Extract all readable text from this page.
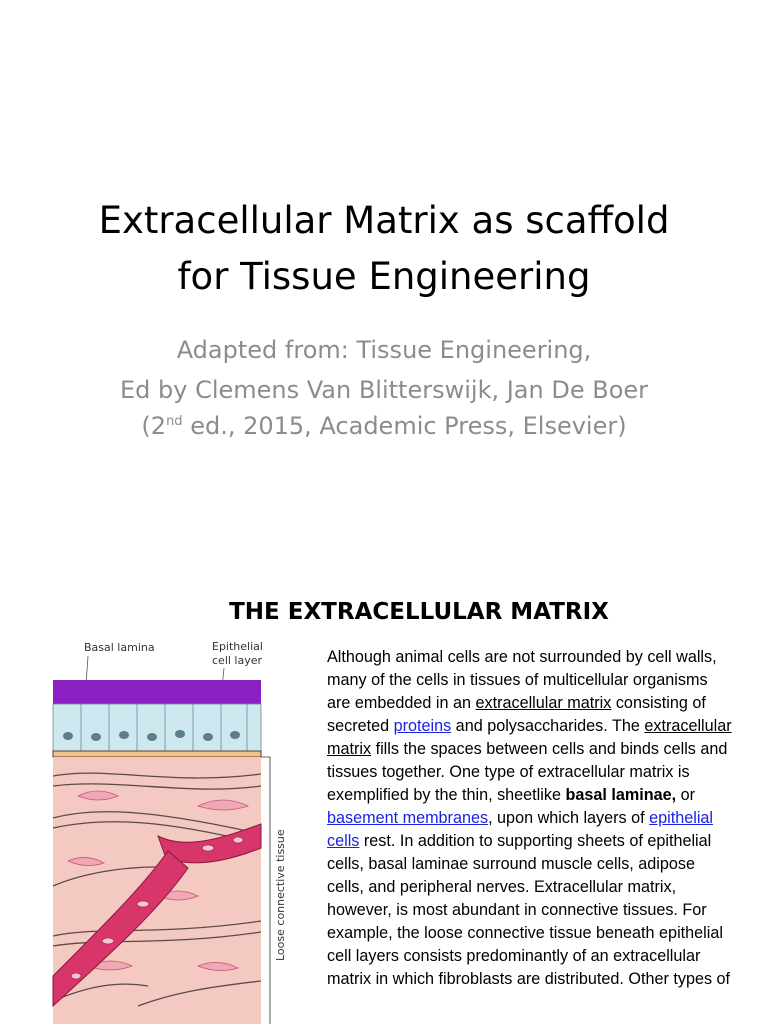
Extracellular Matrix as scaffold
for Tissue Engineering
Adapted from: Tissue Engineering,
Ed by Clemens Van Blitterswijk, Jan De Boer
(2nd ed., 2015, Academic Press, Elsevier)
THE EXTRACELLULAR MATRIX
Basal lamina	Epithelial
cell layer
Loose connective tissue

Although animal cells are not surrounded by cell walls, many of the cells in tissues of multicellular organisms are embedded in an extracellular matrix consisting of secreted proteins and polysaccharides. The extracellular matrix fills the spaces between cells and binds cells and tissues together. One type of extracellular matrix is exemplified by the thin, sheetlike basal laminae, or basement membranes, upon which layers of epithelial cells rest. In addition to supporting sheets of epithelial cells, basal laminae surround muscle cells, adipose cells, and peripheral nerves. Extracellular matrix, however, is most abundant in connective tissues. For example, the loose connective tissue beneath epithelial cell layers consists predominantly of an extracellular matrix in which fibroblasts are distributed. Other types of
